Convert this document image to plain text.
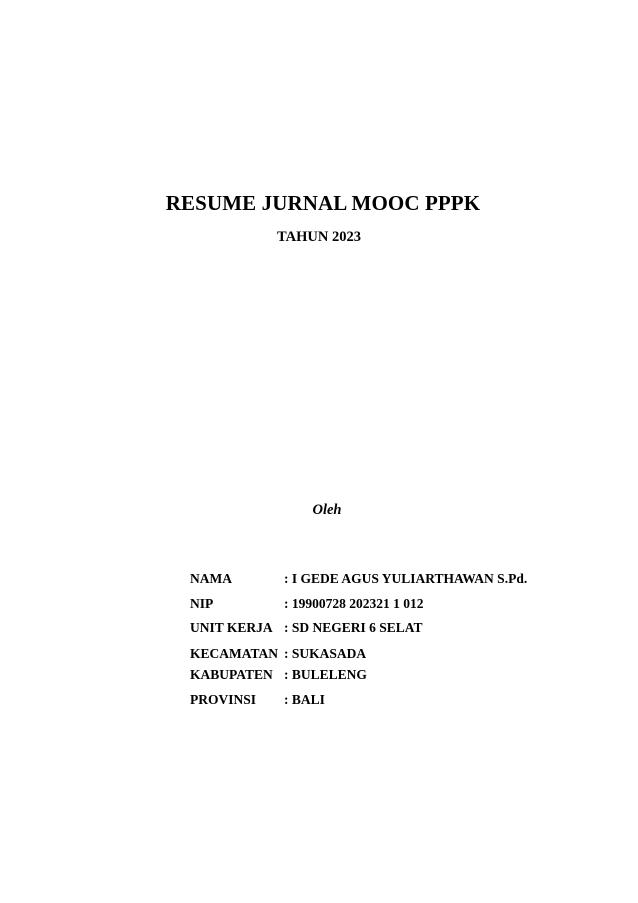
RESUME JURNAL MOOC PPPK
TAHUN 2023
Oleh
NAMA	: I GEDE AGUS YULIARTHAWAN S.Pd.
NIP	: 19900728 202321 1 012
UNIT KERJA : SD NEGERI 6 SELAT
KECAMATAN : SUKASADA
KABUPATEN : BULELENG
PROVINSI : BALI
